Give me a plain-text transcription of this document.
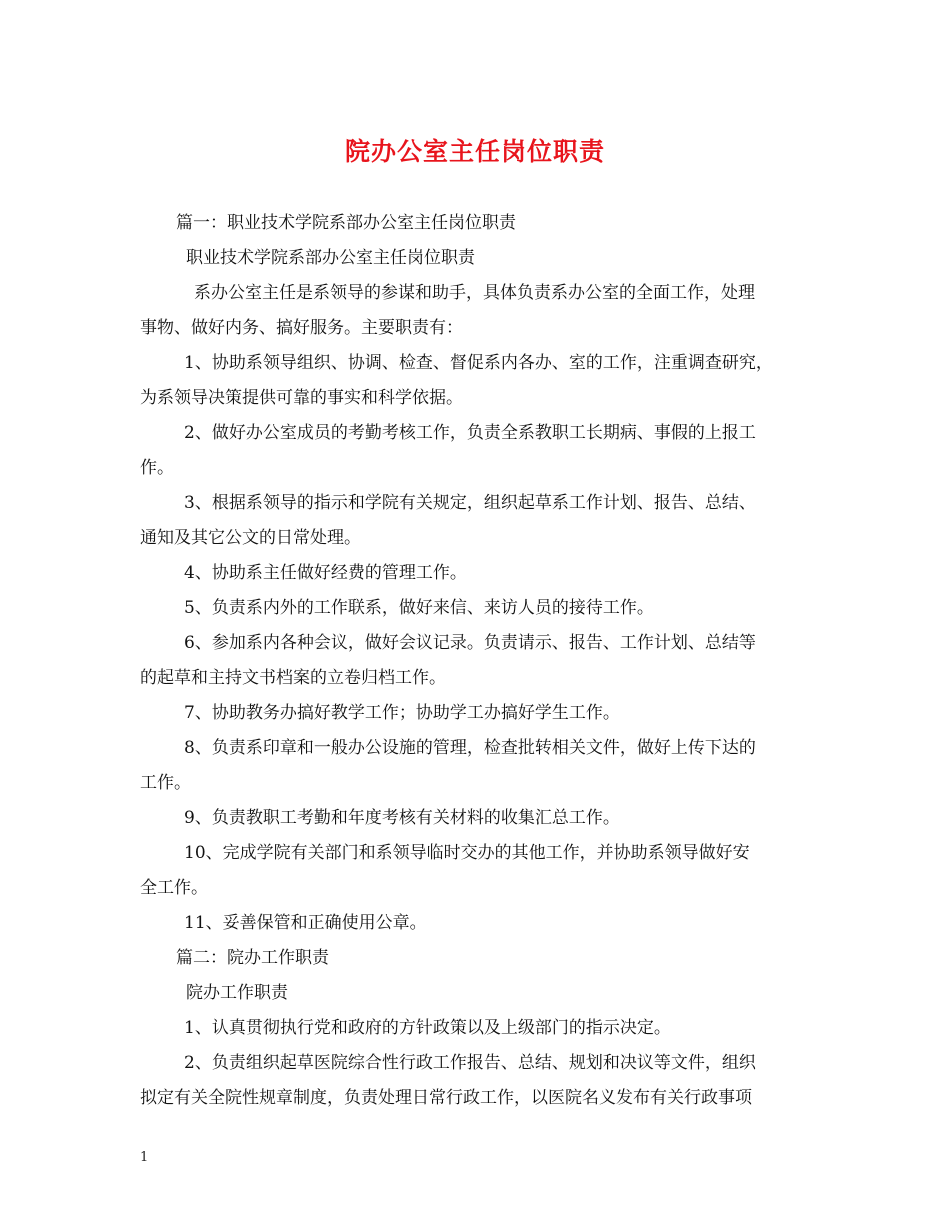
院办公室主任岗位职责
篇一：职业技术学院系部办公室主任岗位职责
职业技术学院系部办公室主任岗位职责
系办公室主任是系领导的参谋和助手，具体负责系办公室的全面工作，处理
事物、做好内务、搞好服务。主要职责有：
1、协助系领导组织、协调、检查、督促系内各办、室的工作，注重调查研究，
为系领导决策提供可靠的事实和科学依据。
2、做好办公室成员的考勤考核工作，负责全系教职工长期病、事假的上报工
作。
3、根据系领导的指示和学院有关规定，组织起草系工作计划、报告、总结、
通知及其它公文的日常处理。
4、协助系主任做好经费的管理工作。
5、负责系内外的工作联系，做好来信、来访人员的接待工作。
6、参加系内各种会议，做好会议记录。负责请示、报告、工作计划、总结等
的起草和主持文书档案的立卷归档工作。
7、协助教务办搞好教学工作；协助学工办搞好学生工作。
8、负责系印章和一般办公设施的管理，检查批转相关文件，做好上传下达的
工作。
9、负责教职工考勤和年度考核有关材料的收集汇总工作。
10、完成学院有关部门和系领导临时交办的其他工作，并协助系领导做好安
全工作。
11、妥善保管和正确使用公章。
篇二：院办工作职责
院办工作职责
1、认真贯彻执行党和政府的方针政策以及上级部门的指示决定。
2、负责组织起草医院综合性行政工作报告、总结、规划和决议等文件，组织
拟定有关全院性规章制度，负责处理日常行政工作，以医院名义发布有关行政事项
1
